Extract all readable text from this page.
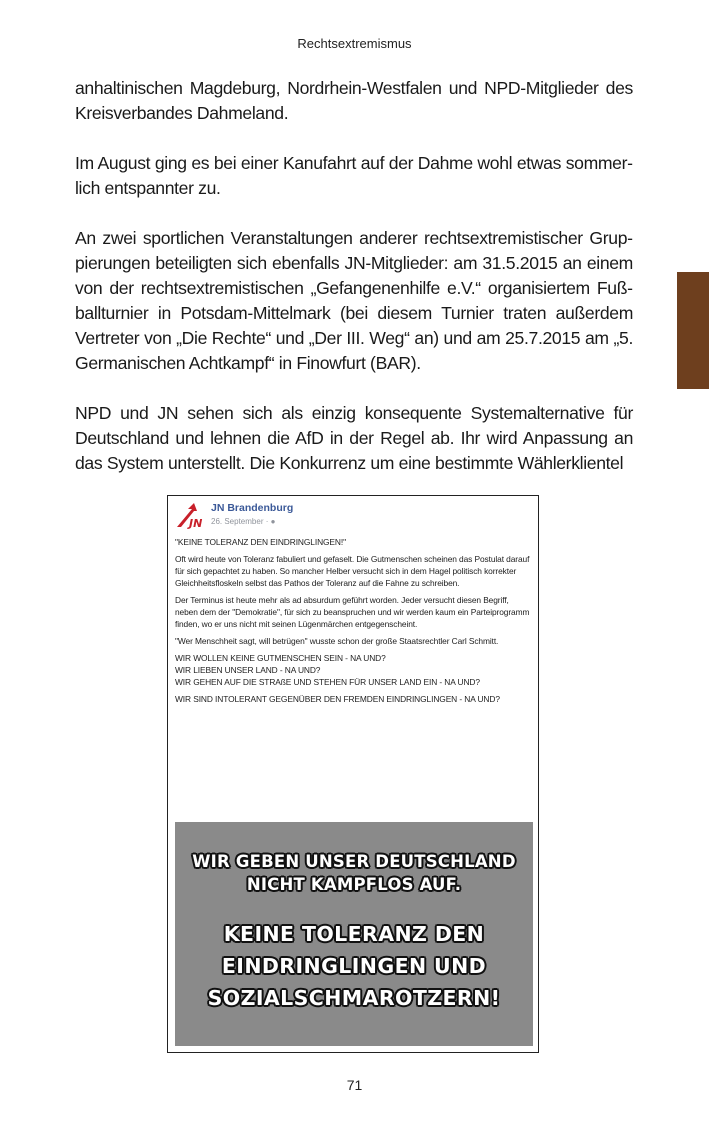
Rechtsextremismus

anhaltinischen Magdeburg, Nordrhein-Westfalen und NPD-Mitglieder des Kreisverbandes Dahmeland.

Im August ging es bei einer Kanufahrt auf der Dahme wohl etwas sommerlich entspannter zu.

An zwei sportlichen Veranstaltungen anderer rechtsextremistischer Gruppierungen beteiligten sich ebenfalls JN-Mitglieder: am 31.5.2015 an einem von der rechtsextremistischen „Gefangenenhilfe e.V.“ organisiertem Fußballturnier in Potsdam-Mittelmark (bei diesem Turnier traten außerdem Vertreter von „Die Rechte“ und „Der III. Weg“ an) und am 25.7.2015 am „5. Germanischen Achtkampf“ in Finowfurt (BAR).

NPD und JN sehen sich als einzig konsequente Systemalternative für Deutschland und lehnen die AfD in der Regel ab. Ihr wird Anpassung an das System unterstellt. Die Konkurrenz um eine bestimmte Wählerklientel

JN
JN Brandenburg
26. September · ●

"KEINE TOLERANZ DEN EINDRINGLINGEN!"

Oft wird heute von Toleranz fabuliert und gefaselt. Die Gutmenschen scheinen das Postulat darauf für sich gepachtet zu haben. So mancher Helber versucht sich in dem Hagel politisch korrekter Gleichheitsfloskeln selbst das Pathos der Toleranz auf die Fahne zu schreiben.

Der Terminus ist heute mehr als ad absurdum geführt worden. Jeder versucht diesen Begriff, neben dem der "Demokratie", für sich zu beanspruchen und wir werden kaum ein Parteiprogramm finden, wo er uns nicht mit seinen Lügenmärchen entgegenscheint.

"Wer Menschheit sagt, will betrügen" wusste schon der große Staatsrechtler Carl Schmitt.

WIR WOLLEN KEINE GUTMENSCHEN SEIN - NA UND?

WIR LIEBEN UNSER LAND - NA UND?

WIR GEHEN AUF DIE STRAßE UND STEHEN FÜR UNSER LAND EIN - NA UND?

WIR SIND INTOLERANT GEGENÜBER DEN FREMDEN EINDRINGLINGEN - NA UND?

WIR GEBEN UNSER DEUTSCHLAND
NICHT KAMPFLOS AUF.
KEINE TOLERANZ DEN
EINDRINGLINGEN UND
SOZIALSCHMAROTZERN!
71
